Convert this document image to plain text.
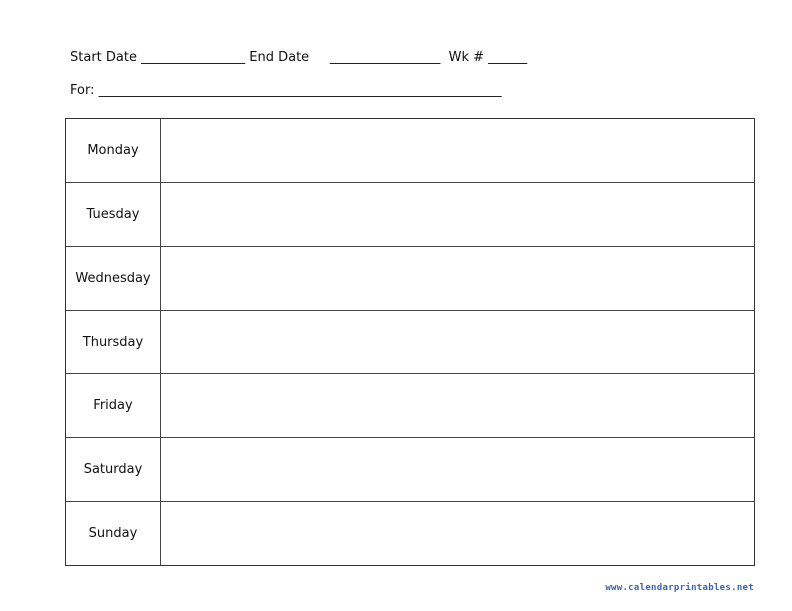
Start Date ________________ End Date _________________ Wk # ______
For: ______________________________________________________________
Monday
Tuesday
Wednesday
Thursday
Friday
Saturday
Sunday
www.calendarprintables.net
